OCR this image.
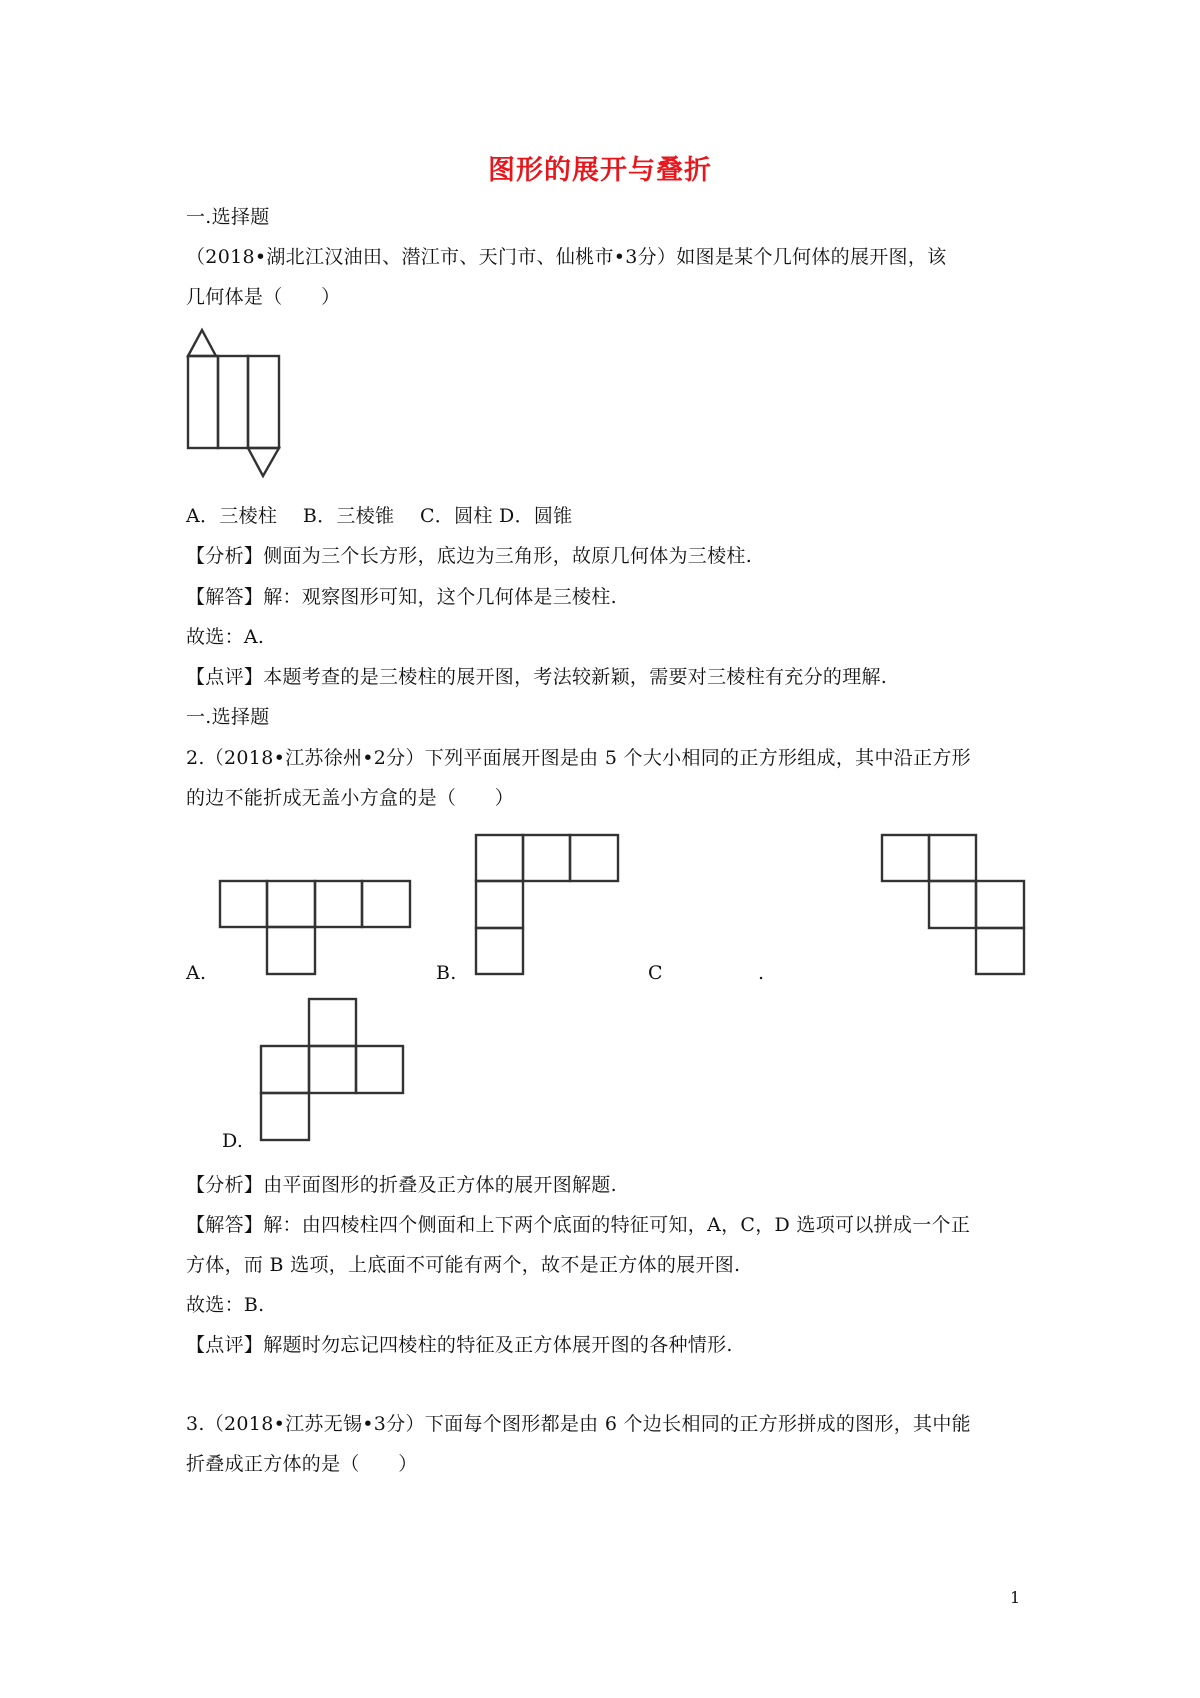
图形的展开与叠折
一.选择题
（2018•湖北江汉油田、潜江市、天门市、仙桃市•3分）如图是某个几何体的展开图，该
几何体是（　　）
A．三棱柱　 B．三棱锥　 C．圆柱 D．圆锥
【分析】侧面为三个长方形，底边为三角形，故原几何体为三棱柱.
【解答】解：观察图形可知，这个几何体是三棱柱.
故选：A.
【点评】本题考查的是三棱柱的展开图，考法较新颖，需要对三棱柱有充分的理解.
一.选择题
2.（2018•江苏徐州•2分）下列平面展开图是由 5 个大小相同的正方形组成，其中沿正方形
的边不能折成无盖小方盒的是（　　）
A.	B.	C	.
D.
【分析】由平面图形的折叠及正方体的展开图解题.
【解答】解：由四棱柱四个侧面和上下两个底面的特征可知，A，C，D 选项可以拼成一个正
方体，而 B 选项，上底面不可能有两个，故不是正方体的展开图.
故选：B.
【点评】解题时勿忘记四棱柱的特征及正方体展开图的各种情形.
3.（2018•江苏无锡•3分）下面每个图形都是由 6 个边长相同的正方形拼成的图形，其中能
折叠成正方体的是（　　）
1
